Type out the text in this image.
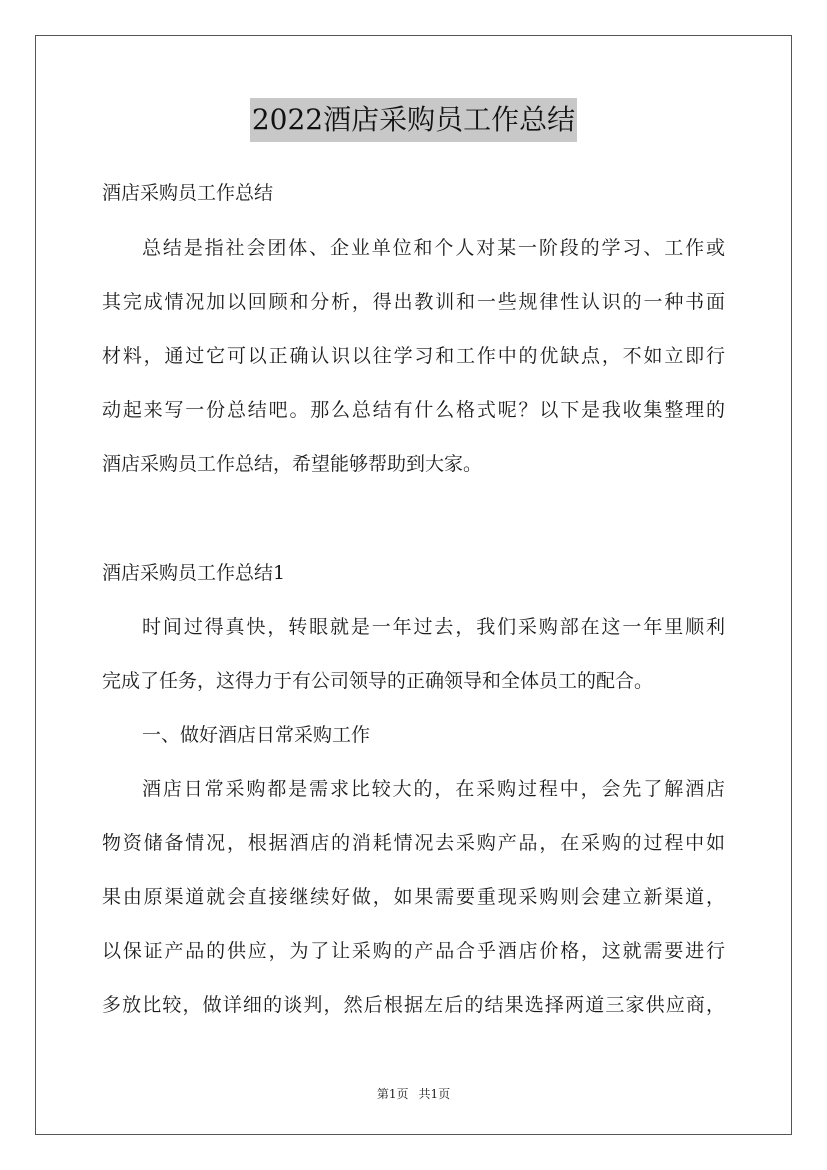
2022酒店采购员工作总结
酒店采购员工作总结
总结是指社会团体、企业单位和个人对某一阶段的学习、工作或
其完成情况加以回顾和分析，得出教训和一些规律性认识的一种书面
材料，通过它可以正确认识以往学习和工作中的优缺点，不如立即行
动起来写一份总结吧。那么总结有什么格式呢？以下是我收集整理的
酒店采购员工作总结，希望能够帮助到大家。
酒店采购员工作总结1
时间过得真快，转眼就是一年过去，我们采购部在这一年里顺利
完成了任务，这得力于有公司领导的正确领导和全体员工的配合。
一、做好酒店日常采购工作
酒店日常采购都是需求比较大的，在采购过程中，会先了解酒店
物资储备情况，根据酒店的消耗情况去采购产品，在采购的过程中如
果由原渠道就会直接继续好做，如果需要重现采购则会建立新渠道，
以保证产品的供应，为了让采购的产品合乎酒店价格，这就需要进行
多放比较，做详细的谈判，然后根据左后的结果选择两道三家供应商，
第1页 共1页
